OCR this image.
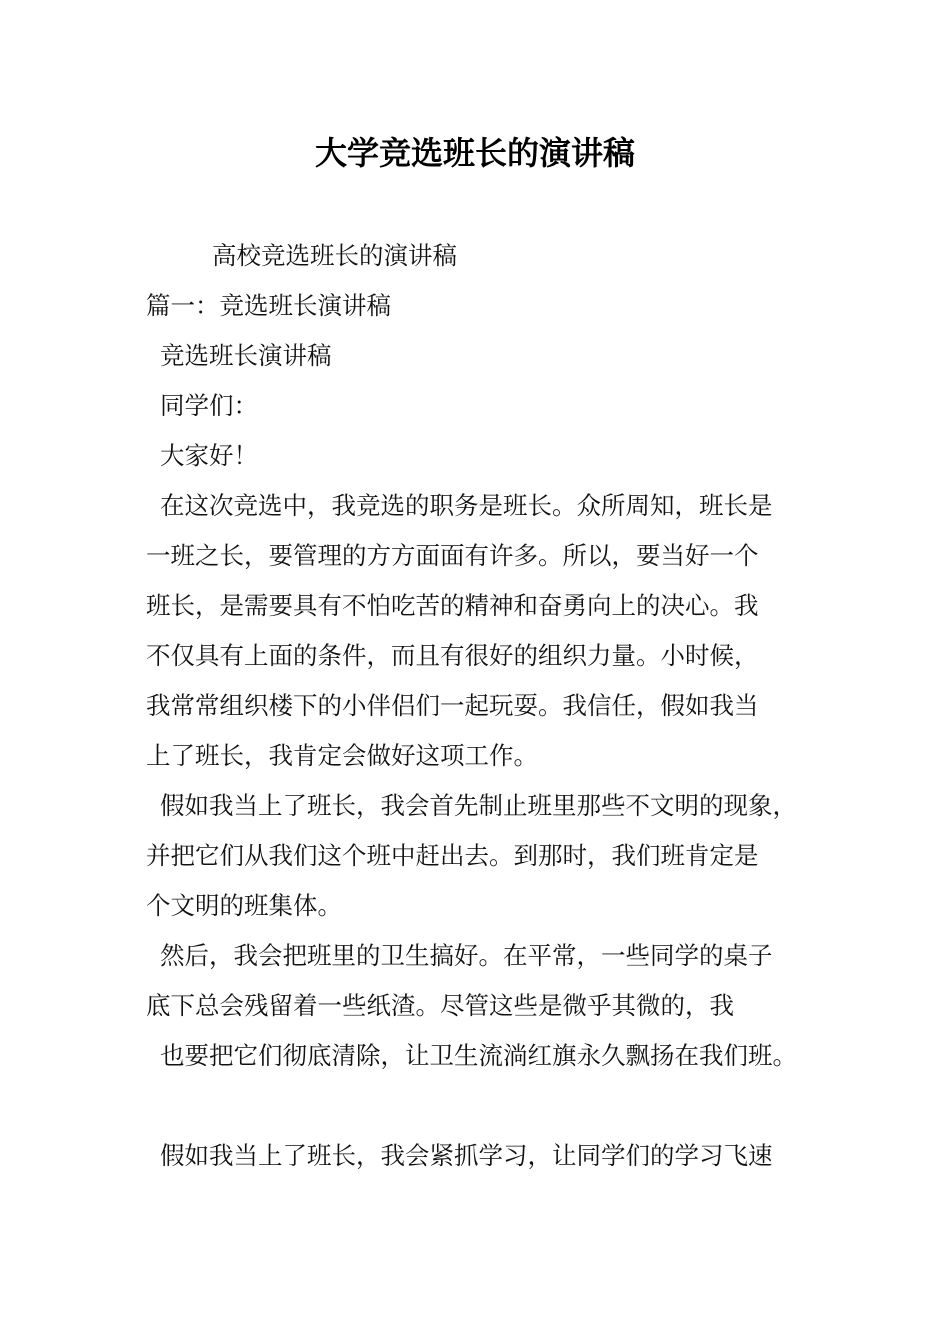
大学竞选班长的演讲稿
高校竞选班长的演讲稿
篇一：竞选班长演讲稿
竞选班长演讲稿
同学们：
大家好！
在这次竞选中，我竞选的职务是班长。众所周知，班长是
一班之长，要管理的方方面面有许多。所以，要当好一个
班长，是需要具有不怕吃苦的精神和奋勇向上的决心。我
不仅具有上面的条件，而且有很好的组织力量。小时候，
我常常组织楼下的小伴侣们一起玩耍。我信任，假如我当
上了班长，我肯定会做好这项工作。
假如我当上了班长，我会首先制止班里那些不文明的现象，
并把它们从我们这个班中赶出去。到那时，我们班肯定是
个文明的班集体。
然后，我会把班里的卫生搞好。在平常，一些同学的桌子
底下总会残留着一些纸渣。尽管这些是微乎其微的，我
也要把它们彻底清除，让卫生流淌红旗永久飘扬在我们班。
假如我当上了班长，我会紧抓学习，让同学们的学习飞速
